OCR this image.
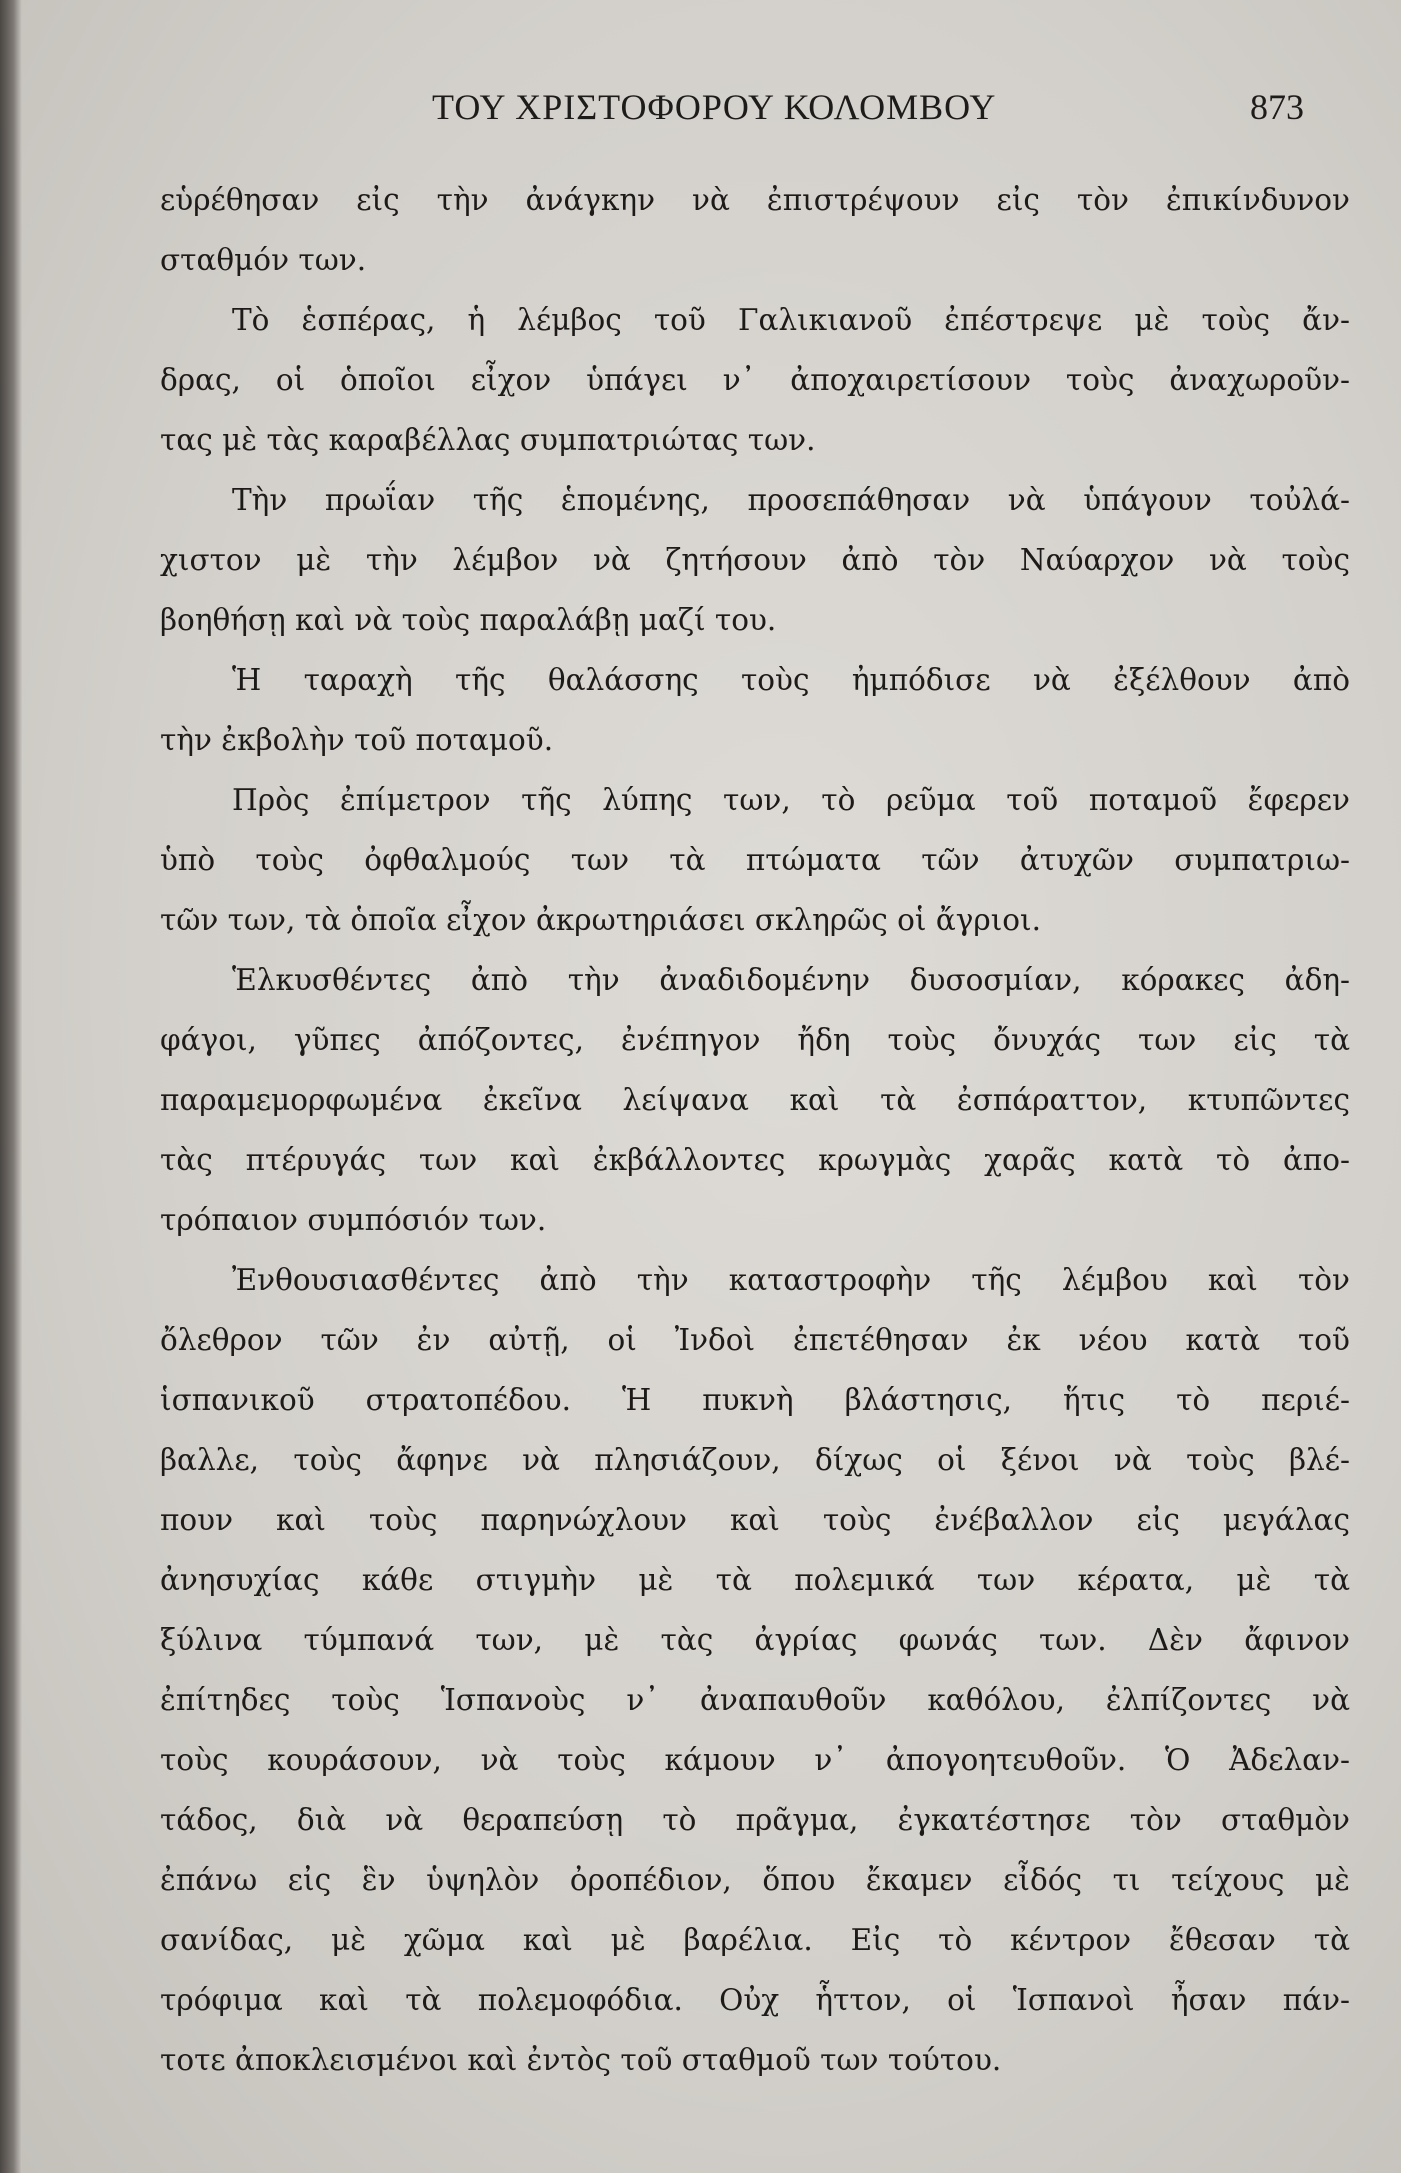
ΤΟΥ ΧΡΙΣΤΟΦΟΡΟΥ ΚΟΛΟΜΒΟΥ	873
εὑρέθησαν εἰς τὴν ἀνάγκην νὰ ἐπιστρέψουν εἰς τὸν ἐπικίνδυνον
σταθμόν των.
Τὸ ἑσπέρας, ἡ λέμβος τοῦ Γαλικιανοῦ ἐπέστρεψε μὲ τοὺς ἄν-
δρας, οἱ ὁποῖοι εἶχον ὑπάγει ν᾿ ἀποχαιρετίσουν τοὺς ἀναχωροῦν-
τας μὲ τὰς καραβέλλας συμπατριώτας των.
Τὴν πρωΐαν τῆς ἑπομένης, προσεπάθησαν νὰ ὑπάγουν τοὐλά-
χιστον μὲ τὴν λέμβον νὰ ζητήσουν ἀπὸ τὸν Ναύαρχον νὰ τοὺς
βοηθήσῃ καὶ νὰ τοὺς παραλάβῃ μαζί του.
Ἡ ταραχὴ τῆς θαλάσσης τοὺς ἠμπόδισε νὰ ἐξέλθουν ἀπὸ
τὴν ἐκβολὴν τοῦ ποταμοῦ.
Πρὸς ἐπίμετρον τῆς λύπης των, τὸ ρεῦμα τοῦ ποταμοῦ ἔφερεν
ὑπὸ τοὺς ὀφθαλμούς των τὰ πτώματα τῶν ἀτυχῶν συμπατριω-
τῶν των, τὰ ὁποῖα εἶχον ἀκρωτηριάσει σκληρῶς οἱ ἄγριοι.
Ἑλκυσθέντες ἀπὸ τὴν ἀναδιδομένην δυσοσμίαν, κόρακες ἀδη-
φάγοι, γῦπες ἀπόζοντες, ἐνέπηγον ἤδη τοὺς ὄνυχάς των εἰς τὰ
παραμεμορφωμένα ἐκεῖνα λείψανα καὶ τὰ ἐσπάραττον, κτυπῶντες
τὰς πτέρυγάς των καὶ ἐκβάλλοντες κρωγμὰς χαρᾶς κατὰ τὸ ἀπο-
τρόπαιον συμπόσιόν των.
Ἐνθουσιασθέντες ἀπὸ τὴν καταστροφὴν τῆς λέμβου καὶ τὸν
ὄλεθρον τῶν ἐν αὐτῇ, οἱ Ἰνδοὶ ἐπετέθησαν ἐκ νέου κατὰ τοῦ
ἱσπανικοῦ στρατοπέδου. Ἡ πυκνὴ βλάστησις, ἥτις τὸ περιέ-
βαλλε, τοὺς ἄφηνε νὰ πλησιάζουν, δίχως οἱ ξένοι νὰ τοὺς βλέ-
πουν καὶ τοὺς παρηνώχλουν καὶ τοὺς ἐνέβαλλον εἰς μεγάλας
ἀνησυχίας κάθε στιγμὴν μὲ τὰ πολεμικά των κέρατα, μὲ τὰ
ξύλινα τύμπανά των, μὲ τὰς ἀγρίας φωνάς των. Δὲν ἄφινον
ἐπίτηδες τοὺς Ἱσπανοὺς ν᾿ ἀναπαυθοῦν καθόλου, ἐλπίζοντες νὰ
τοὺς κουράσουν, νὰ τοὺς κάμουν ν᾿ ἀπογοητευθοῦν. Ὁ Ἀδελαν-
τάδος, διὰ νὰ θεραπεύσῃ τὸ πρᾶγμα, ἐγκατέστησε τὸν σταθμὸν
ἐπάνω εἰς ἓν ὑψηλὸν ὀροπέδιον, ὅπου ἔκαμεν εἶδός τι τείχους μὲ
σανίδας, μὲ χῶμα καὶ μὲ βαρέλια. Εἰς τὸ κέντρον ἔθεσαν τὰ
τρόφιμα καὶ τὰ πολεμοφόδια. Οὐχ ἧττον, οἱ Ἱσπανοὶ ἦσαν πάν-
τοτε ἀποκλεισμένοι καὶ ἐντὸς τοῦ σταθμοῦ των τούτου.
